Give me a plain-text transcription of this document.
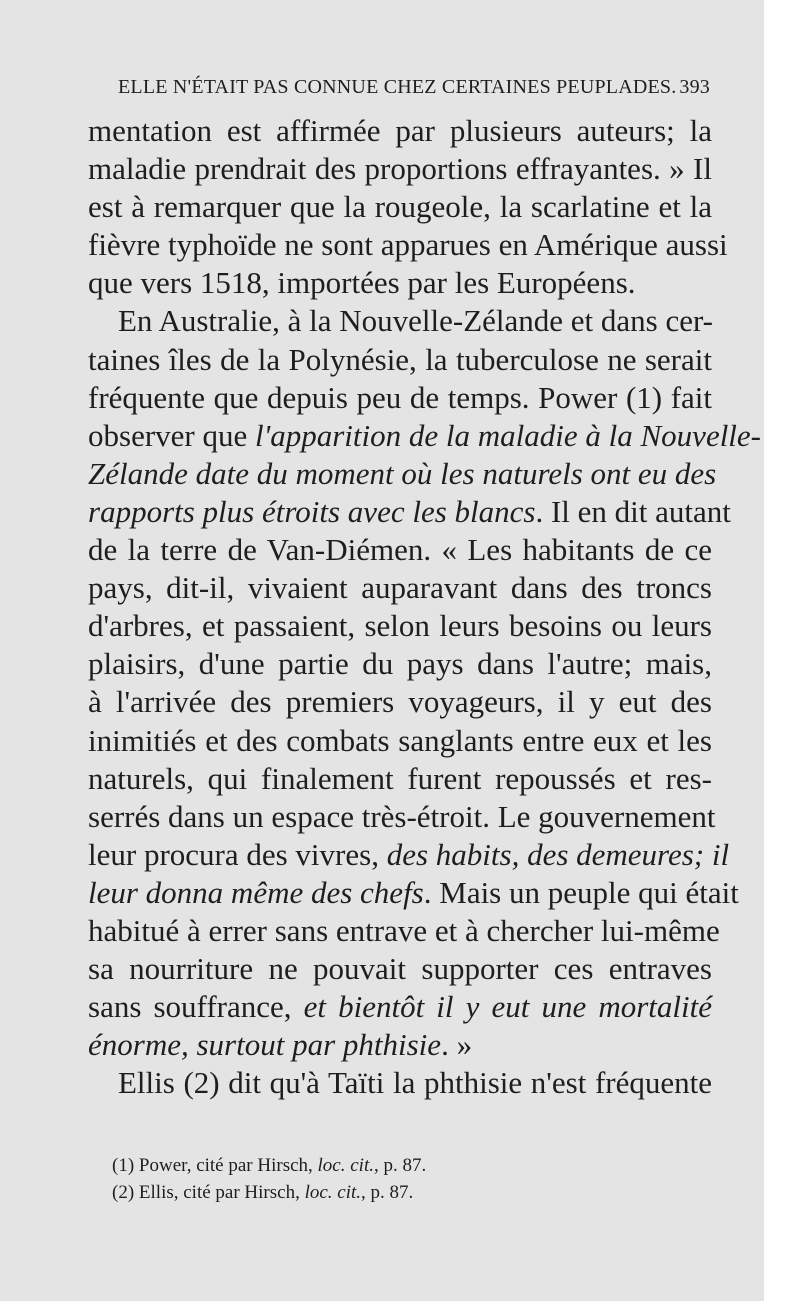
ELLE N'ÉTAIT PAS CONNUE CHEZ CERTAINES PEUPLADES. 393
mentation est affirmée par plusieurs auteurs; la
maladie prendrait des proportions effrayantes. » Il
est à remarquer que la rougeole, la scarlatine et la
fièvre typhoïde ne sont apparues en Amérique aussi
que vers 1518, importées par les Européens.
En Australie, à la Nouvelle-Zélande et dans cer-
taines îles de la Polynésie, la tuberculose ne serait
fréquente que depuis peu de temps. Power (1) fait
observer que l'apparition de la maladie à la Nouvelle-
Zélande date du moment où les naturels ont eu des
rapports plus étroits avec les blancs. Il en dit autant
de la terre de Van-Diémen. « Les habitants de ce
pays, dit-il, vivaient auparavant dans des troncs
d'arbres, et passaient, selon leurs besoins ou leurs
plaisirs, d'une partie du pays dans l'autre; mais,
à l'arrivée des premiers voyageurs, il y eut des
inimitiés et des combats sanglants entre eux et les
naturels, qui finalement furent repoussés et res-
serrés dans un espace très-étroit. Le gouvernement
leur procura des vivres, des habits, des demeures; il
leur donna même des chefs. Mais un peuple qui était
habitué à errer sans entrave et à chercher lui-même
sa nourriture ne pouvait supporter ces entraves
sans souffrance, et bientôt il y eut une mortalité
énorme, surtout par phthisie. »
Ellis (2) dit qu'à Taïti la phthisie n'est fréquente
(1) Power, cité par Hirsch, loc. cit., p. 87.
(2) Ellis, cité par Hirsch, loc. cit., p. 87.
